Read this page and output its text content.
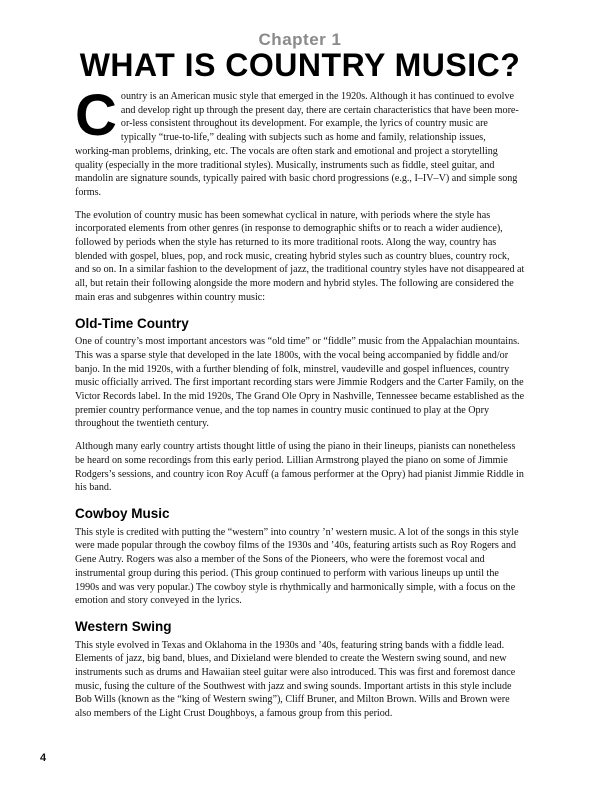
Chapter 1
WHAT IS COUNTRY MUSIC?

Country is an American music style that emerged in the 1920s. Although it has continued to evolve and develop right up through the present day, there are certain characteristics that have been more-or-less consistent throughout its development. For example, the lyrics of country music are typically “true-to-life,” dealing with subjects such as home and family, relationship issues, working-man problems, drinking, etc. The vocals are often stark and emotional and project a storytelling quality (especially in the more traditional styles). Musically, instruments such as fiddle, steel guitar, and mandolin are signature sounds, typically paired with basic chord progressions (e.g., I–IV–V) and simple song forms.

The evolution of country music has been somewhat cyclical in nature, with periods where the style has incorporated elements from other genres (in response to demographic shifts or to reach a wider audience), followed by periods when the style has returned to its more traditional roots. Along the way, country has blended with gospel, blues, pop, and rock music, creating hybrid styles such as country blues, country rock, and so on. In a similar fashion to the development of jazz, the traditional country styles have not disappeared at all, but retain their following alongside the more modern and hybrid styles. The following are considered the main eras and subgenres within country music:

Old-Time Country

One of country’s most important ancestors was “old time” or “fiddle” music from the Appalachian mountains. This was a sparse style that developed in the late 1800s, with the vocal being accompanied by fiddle and/or banjo. In the mid 1920s, with a further blending of folk, minstrel, vaudeville and gospel influences, country music officially arrived. The first important recording stars were Jimmie Rodgers and the Carter Family, on the Victor Records label. In the mid 1920s, The Grand Ole Opry in Nashville, Tennessee became established as the premier country performance venue, and the top names in country music continued to play at the Opry throughout the twentieth century.

Although many early country artists thought little of using the piano in their lineups, pianists can nonetheless be heard on some recordings from this early period. Lillian Armstrong played the piano on some of Jimmie Rodgers’s sessions, and country icon Roy Acuff (a famous performer at the Opry) had pianist Jimmie Riddle in his band.

Cowboy Music

This style is credited with putting the “western” into country ’n’ western music. A lot of the songs in this style were made popular through the cowboy films of the 1930s and ’40s, featuring artists such as Roy Rogers and Gene Autry. Rogers was also a member of the Sons of the Pioneers, who were the foremost vocal and instrumental group during this period. (This group continued to perform with various lineups up until the 1990s and was very popular.) The cowboy style is rhythmically and harmonically simple, with a focus on the emotion and story conveyed in the lyrics.

Western Swing

This style evolved in Texas and Oklahoma in the 1930s and ’40s, featuring string bands with a fiddle lead. Elements of jazz, big band, blues, and Dixieland were blended to create the Western swing sound, and new instruments such as drums and Hawaiian steel guitar were also introduced. This was first and foremost dance music, fusing the culture of the Southwest with jazz and swing sounds. Important artists in this style include Bob Wills (known as the “king of Western swing”), Cliff Bruner, and Milton Brown. Wills and Brown were also members of the Light Crust Doughboys, a famous group from this period.

4
